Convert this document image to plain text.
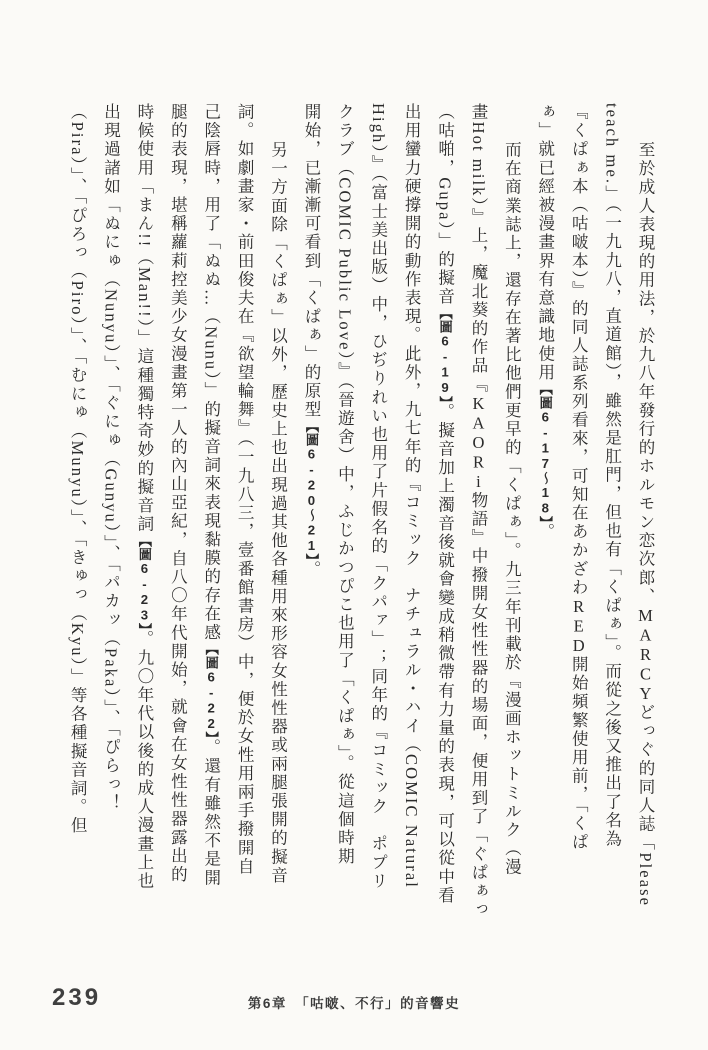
至於成人表現的用法，於九八年發行的ホルモン恋次郎、MARCYどっぐ的同人誌「Please
teach me.」（一九九八，直道館），雖然是肛門，但也有「くぱぁ」。而從之後又推出了名為
『くぱぁ本（咕啵本）』的同人誌系列看來，可知在あかざわRED開始頻繁使用前，「くぱ
ぁ」就已經被漫畫界有意識地使用【圖6-17～18】。
而在商業誌上，還存在著比他們更早的「くぱぁ」。九三年刊載於『漫画ホットミルク（漫
畫Hot milk）』上，魔北葵的作品『KAORi物語』中撥開女性性器的場面，便用到了「ぐぱぁっ
（咕啪，Gupa）」的擬音【圖6-19】。擬音加上濁音後就會變成稍微帶有力量的表現，可以從中看
出用蠻力硬撐開的動作表現。此外，九七年的『コミック　ナチュラル・ハイ（COMIC Natural
High）』（富士美出版）中，ひぢりれい也用了片假名的「クパァ」；同年的『コミック　ポプリ
クラブ（COMIC Public Love）』（晉遊舍）中，ふじかつぴこ也用了「くぱぁ」。從這個時期
開始，已漸漸可看到「くぱぁ」的原型【圖6-20～21】。
另一方面除「くぱぁ」以外，歷史上也出現過其他各種用來形容女性性器或兩腿張開的擬音
詞。如劇畫家・前田俊夫在『欲望輪舞』（一九八三，壹番館書房）中，便於女性用兩手撥開自
己陰唇時，用了「ぬぬ…（Nunu）」的擬音詞來表現黏膜的存在感【圖6-22】。還有雖然不是開
腿的表現，堪稱蘿莉控美少女漫畫第一人的內山亞紀，自八〇年代開始，就會在女性性器露出的
時候使用「まん!!（Man!!）」這種獨特奇妙的擬音詞【圖6-23】。九〇年代以後的成人漫畫上也
出現過諸如「ぬにゅ（Nunyu）」、「ぐにゅ（Gunyu）」、「パカッ（Paka）」、「ぴらっ！
（Pira）」、「ぴろっ（Piro）」、「むにゅ（Munyu）」、「きゅっ（Kyu）」等各種擬音詞。但
第6章　「咕啵、不行」的音響史
239
